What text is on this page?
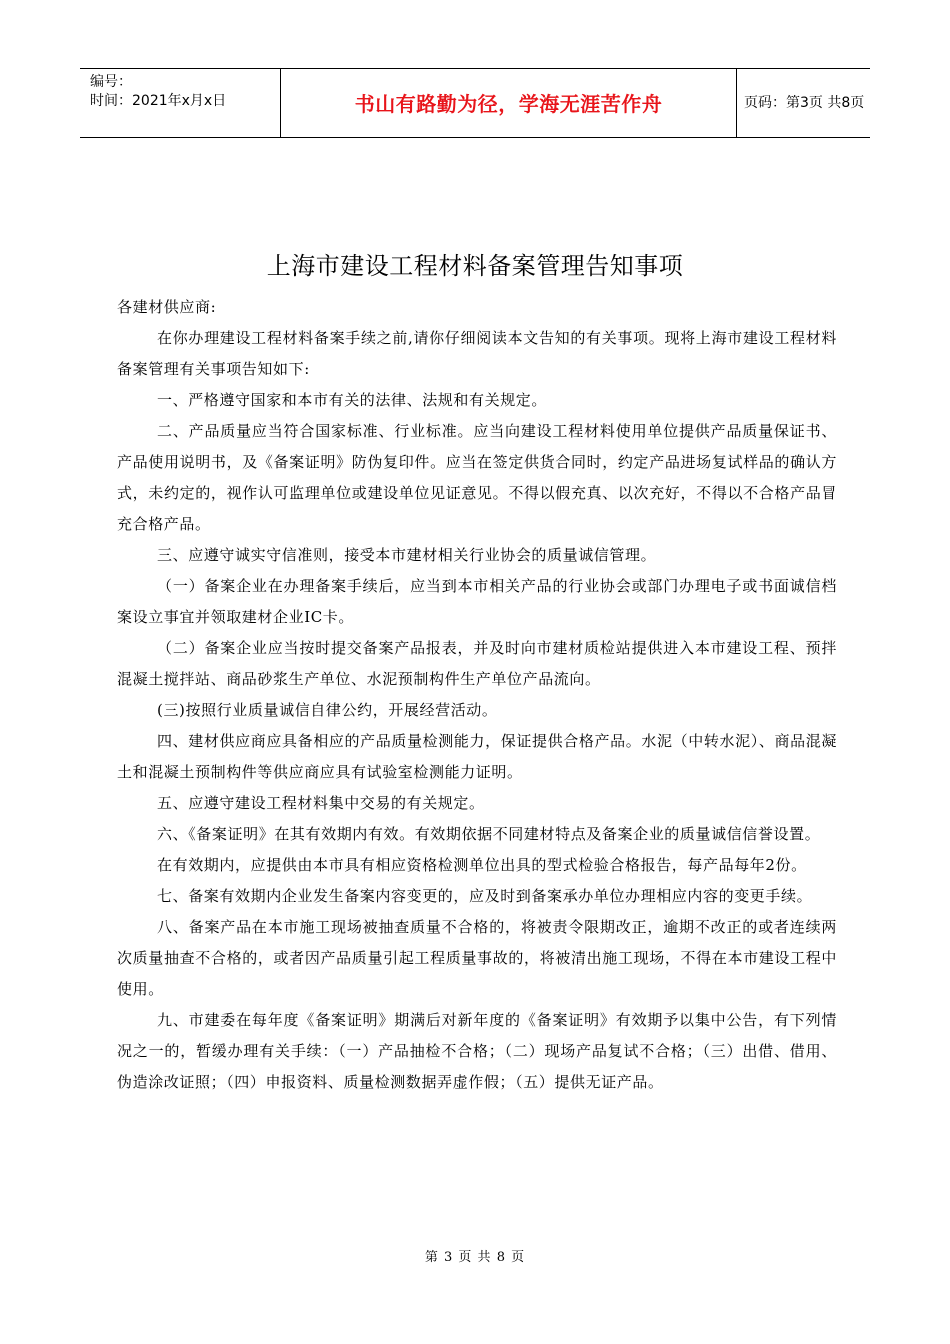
编号：
时间：2021年x月x日	书山有路勤为径，学海无涯苦作舟	页码：第3页 共8页
上海市建设工程材料备案管理告知事项

各建材供应商:

在你办理建设工程材料备案手续之前,请你仔细阅读本文告知的有关事项。现将上海市建设工程材料备案管理有关事项告知如下:

一、严格遵守国家和本市有关的法律、法规和有关规定。

二、产品质量应当符合国家标准、行业标准。应当向建设工程材料使用单位提供产品质量保证书、产品使用说明书，及《备案证明》防伪复印件。应当在签定供货合同时，约定产品进场复试样品的确认方式，未约定的，视作认可监理单位或建设单位见证意见。不得以假充真、以次充好，不得以不合格产品冒充合格产品。

三、应遵守诚实守信准则，接受本市建材相关行业协会的质量诚信管理。

（一）备案企业在办理备案手续后，应当到本市相关产品的行业协会或部门办理电子或书面诚信档案设立事宜并领取建材企业IC卡。

（二）备案企业应当按时提交备案产品报表，并及时向市建材质检站提供进入本市建设工程、预拌混凝土搅拌站、商品砂浆生产单位、水泥预制构件生产单位产品流向。

(三)按照行业质量诚信自律公约，开展经营活动。

四、建材供应商应具备相应的产品质量检测能力，保证提供合格产品。水泥（中转水泥）、商品混凝土和混凝土预制构件等供应商应具有试验室检测能力证明。

五、应遵守建设工程材料集中交易的有关规定。

六、《备案证明》在其有效期内有效。有效期依据不同建材特点及备案企业的质量诚信信誉设置。

在有效期内，应提供由本市具有相应资格检测单位出具的型式检验合格报告，每产品每年2份。

七、备案有效期内企业发生备案内容变更的，应及时到备案承办单位办理相应内容的变更手续。

八、备案产品在本市施工现场被抽查质量不合格的，将被责令限期改正，逾期不改正的或者连续两次质量抽查不合格的，或者因产品质量引起工程质量事故的，将被清出施工现场，不得在本市建设工程中使用。

九、市建委在每年度《备案证明》期满后对新年度的《备案证明》有效期予以集中公告，有下列情况之一的，暂缓办理有关手续：（一）产品抽检不合格；（二）现场产品复试不合格；（三）出借、借用、伪造涂改证照；（四）申报资料、质量检测数据弄虚作假；（五）提供无证产品。

第 3 页 共 8 页
